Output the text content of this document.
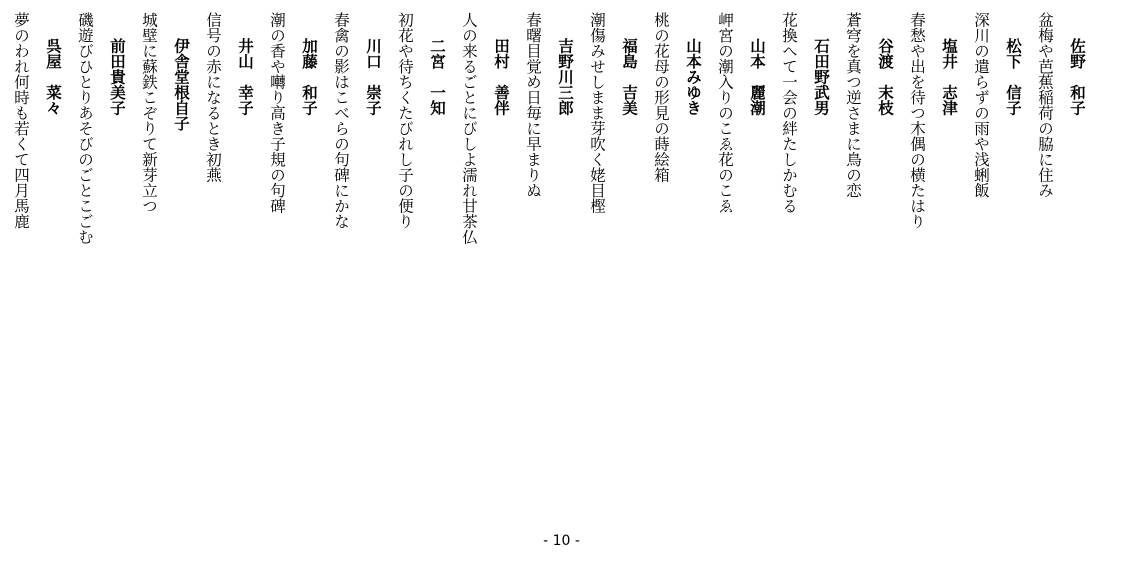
佐野　和子
盆梅や芭蕉稲荷の脇に住み
松下　信子
深川の遣らずの雨や浅蜊飯
塩井　志津
春愁や出を待つ木偶の横たはり
谷渡　末枝
蒼穹を真つ逆さまに鳥の恋
石田野武男
花換へて一会の絆たしかむる
山本　麗潮
岬宮の潮入りのこゑ花のこゑ
山本みゆき
桃の花母の形見の蒔絵箱
福島　吉美
潮傷みせしまま芽吹く姥目樫
吉野川三郎
春曙目覚め日毎に早まりぬ
田村　善伴
人の来るごとにびしよ濡れ甘茶仏
二宮　一知
初花や待ちくたびれし子の便り
川口　崇子
春禽の影はこべらの句碑にかな
加藤　和子
潮の香や囀り高き子規の句碑
井山　幸子
信号の赤になるとき初燕
伊舎堂根自子
城壁に蘇鉄こぞりて新芽立つ
前田貴美子
磯遊びひとりあそびのごとこごむ
呉屋　菜々
夢のわれ何時も若くて四月馬鹿
- 10 -
